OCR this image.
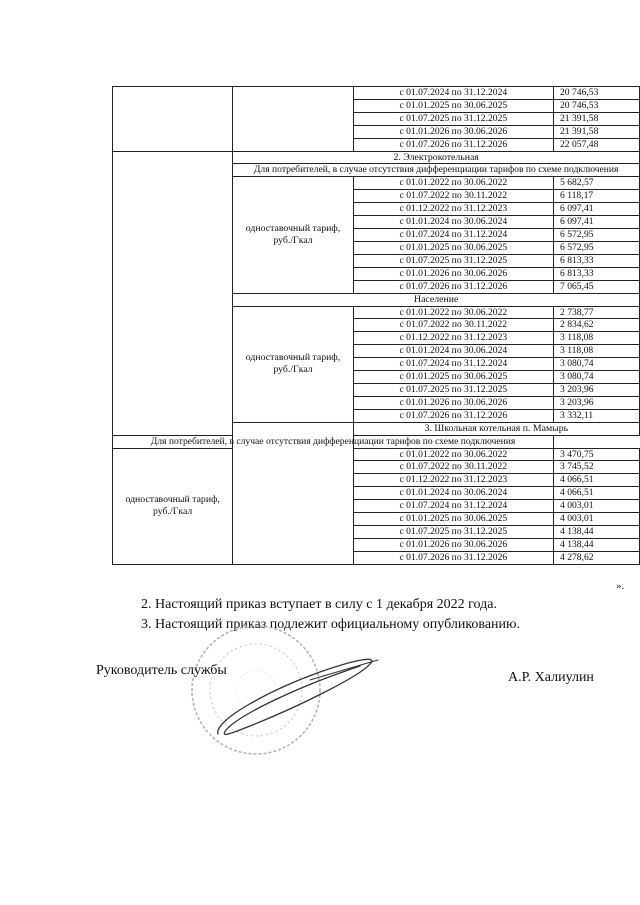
		с 01.07.2024 по 31.12.2024	20 746,53
		с 01.01.2025 по 30.06.2025	20 746,53
		с 01.07.2025 по 31.12.2025	21 391,58
		с 01.01.2026 по 30.06.2026	21 391,58
		с 01.07.2026 по 31.12.2026	22 057,48
	2. Электрокотельная		
	Для потребителей, в случае отсутствия дифференциации тарифов по схеме подключения		
	одноставочный тариф, руб./Гкал	с 01.01.2022 по 30.06.2022	5 682,57
		с 01.07.2022 по 30.11.2022	6 118,17
		с 01.12.2022 по 31.12.2023	6 097,41
		с 01.01.2024 по 30.06.2024	6 097,41
		с 01.07.2024 по 31.12.2024	6 572,95
		с 01.01.2025 по 30.06.2025	6 572,95
		с 01.07.2025 по 31.12.2025	6 813,33
		с 01.01.2026 по 30.06.2026	6 813,33
		с 01.07.2026 по 31.12.2026	7 065,45
	Население		
	одноставочный тариф, руб./Гкал	с 01.01.2022 по 30.06.2022	2 738,77
		с 01.07.2022 по 30.11.2022	2 834,62
		с 01.12.2022 по 31.12.2023	3 118,08
		с 01.01.2024 по 30.06.2024	3 118,08
		с 01.07.2024 по 31.12.2024	3 080,74
		с 01.01.2025 по 30.06.2025	3 080,74
		с 01.07.2025 по 31.12.2025	3 203,96
		с 01.01.2026 по 30.06.2026	3 203,96
		с 01.07.2026 по 31.12.2026	3 332,11
		3. Школьная котельная п. Мамырь	
Для потребителей, в случае отсутствия дифференциации тарифов по схеме подключения			
одноставочный тариф, руб./Гкал		с 01.01.2022 по 30.06.2022	3 470,75
		с 01.07.2022 по 30.11.2022	3 745,52
		с 01.12.2022 по 31.12.2023	4 066,51
		с 01.01.2024 по 30.06.2024	4 066,51
		с 01.07.2024 по 31.12.2024	4 003,01
		с 01.01.2025 по 30.06.2025	4 003,01
		с 01.07.2025 по 31.12.2025	4 138,44
		с 01.01.2026 по 30.06.2026	4 138,44
		с 01.07.2026 по 31.12.2026	4 278,62
».
2. Настоящий приказ вступает в силу с 1 декабря 2022 года.
3. Настоящий приказ подлежит официальному опубликованию.
Руководитель службы	А.Р. Халиулин
